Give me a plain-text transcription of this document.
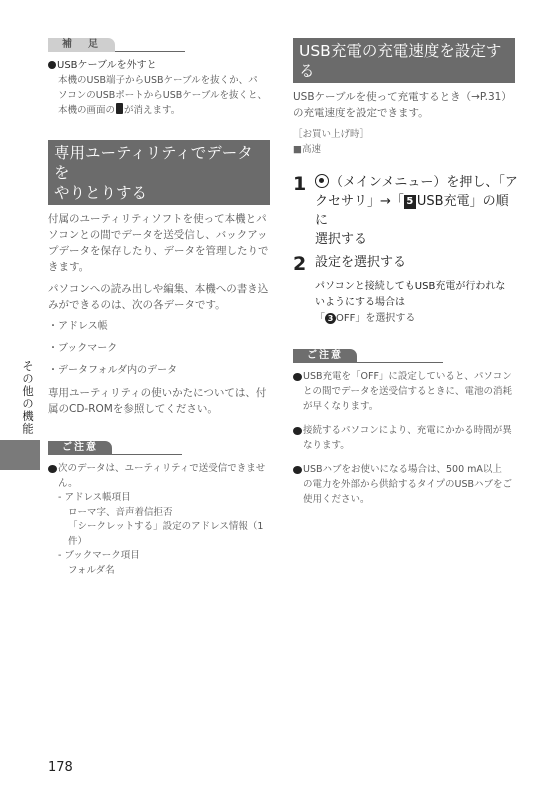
その他の機能
補　足
USBケーブルを外すと
本機のUSB端子からUSBケーブルを抜くか、パ
ソコンのUSBポートからUSBケーブルを抜くと、
本機の画面の が消えます。
専用ユーティリティでデータを
やりとりする
付属のユーティリティソフトを使って本機とパ
ソコンとの間でデータを送受信し、バックアッ
プデータを保存したり、データを管理したりで
きます。
パソコンへの読み出しや編集、本機への書き込
みができるのは、次の各データです。
・アドレス帳
・ブックマーク
・データフォルダ内のデータ
専用ユーティリティの使いかたについては、付
属のCD-ROMを参照してください。
ご注意
次のデータは、ユーティリティで送受信できませ
ん。
‐ アドレス帳項目
ローマ字、音声着信拒否
「シークレットする」設定のアドレス情報（1件）
‐ ブックマーク項目
フォルダ名
USB充電の充電速度を設定する
USBケーブルを使って充電するとき（→P.31）
の充電速度を設定できます。
［お買い上げ時］
■高速
1	（メインメニュー）を押し、「ア
クセサリ」→「 5 USB充電」の順に
選択する
2 設定を選択する
パソコンと接続してもUSB充電が行われな
いようにする場合は
「 3 OFF」を選択する
ご注意
USB充電を「OFF」に設定していると、パソコン
との間でデータを送受信するときに、電池の消耗
が早くなります。
接続するパソコンにより、充電にかかる時間が異
なります。
USBハブをお使いになる場合は、500 mA以上
の電力を外部から供給するタイプのUSBハブをご
使用ください。
178
